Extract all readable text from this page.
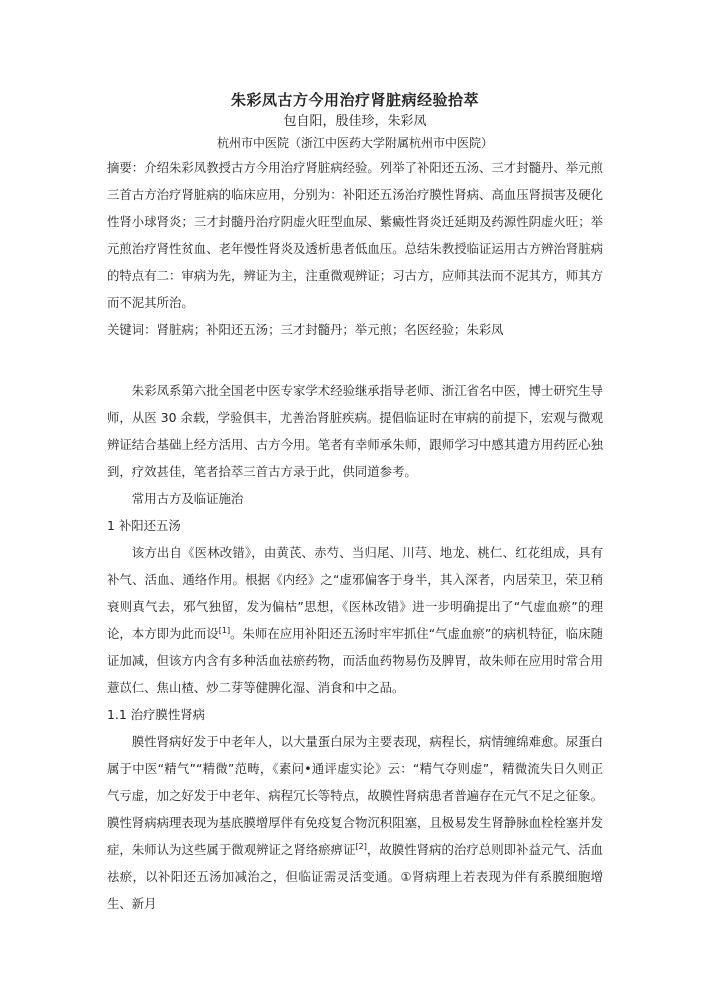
朱彩凤古方今用治疗肾脏病经验拾萃

包自阳，殷佳珍，朱彩凤

杭州市中医院（浙江中医药大学附属杭州市中医院）

摘要：介绍朱彩凤教授古方今用治疗肾脏病经验。列举了补阳还五汤、三才封髓丹、举元煎三首古方治疗肾脏病的临床应用，分别为：补阳还五汤治疗膜性肾病、高血压肾损害及硬化性肾小球肾炎；三才封髓丹治疗阴虚火旺型血尿、紫癜性肾炎迁延期及药源性阴虚火旺；举元煎治疗肾性贫血、老年慢性肾炎及透析患者低血压。总结朱教授临证运用古方辨治肾脏病的特点有二：审病为先，辨证为主，注重微观辨证；习古方，应师其法而不泥其方，师其方而不泥其所治。

关键词：肾脏病；补阳还五汤；三才封髓丹；举元煎；名医经验；朱彩凤

朱彩凤系第六批全国老中医专家学术经验继承指导老师、浙江省名中医，博士研究生导师，从医 30 余载，学验俱丰，尤善治肾脏疾病。提倡临证时在审病的前提下，宏观与微观辨证结合基础上经方活用、古方今用。笔者有幸师承朱师，跟师学习中感其遣方用药匠心独到，疗效甚佳，笔者拾萃三首古方录于此，供同道参考。

常用古方及临证施治

1 补阳还五汤

该方出自《医林改错》，由黄芪、赤芍、当归尾、川芎、地龙、桃仁、红花组成，具有补气、活血、通络作用。根据《内经》之“虚邪偏客于身半，其入深者，内居荣卫，荣卫稍衰则真气去，邪气独留，发为偏枯”思想，《医林改错》进一步明确提出了“气虚血瘀”的理论，本方即为此而设[1]。朱师在应用补阳还五汤时牢牢抓住“气虚血瘀”的病机特征，临床随证加减，但该方内含有多种活血祛瘀药物，而活血药物易伤及脾胃，故朱师在应用时常合用薏苡仁、焦山楂、炒二芽等健脾化湿、消食和中之品。

1.1 治疗膜性肾病

膜性肾病好发于中老年人，以大量蛋白尿为主要表现，病程长，病情缠绵难愈。尿蛋白属于中医“精气”“精微”范畴，《素问•通评虚实论》云：“精气夺则虚”，精微流失日久则正气亏虚，加之好发于中老年、病程冗长等特点，故膜性肾病患者普遍存在元气不足之征象。膜性肾病病理表现为基底膜增厚伴有免疫复合物沉积阻塞，且极易发生肾静脉血栓栓塞并发症，朱师认为这些属于微观辨证之肾络瘀痹证[2]，故膜性肾病的治疗总则即补益元气、活血祛瘀，以补阳还五汤加减治之，但临证需灵活变通。①肾病理上若表现为伴有系膜细胞增生、新月
